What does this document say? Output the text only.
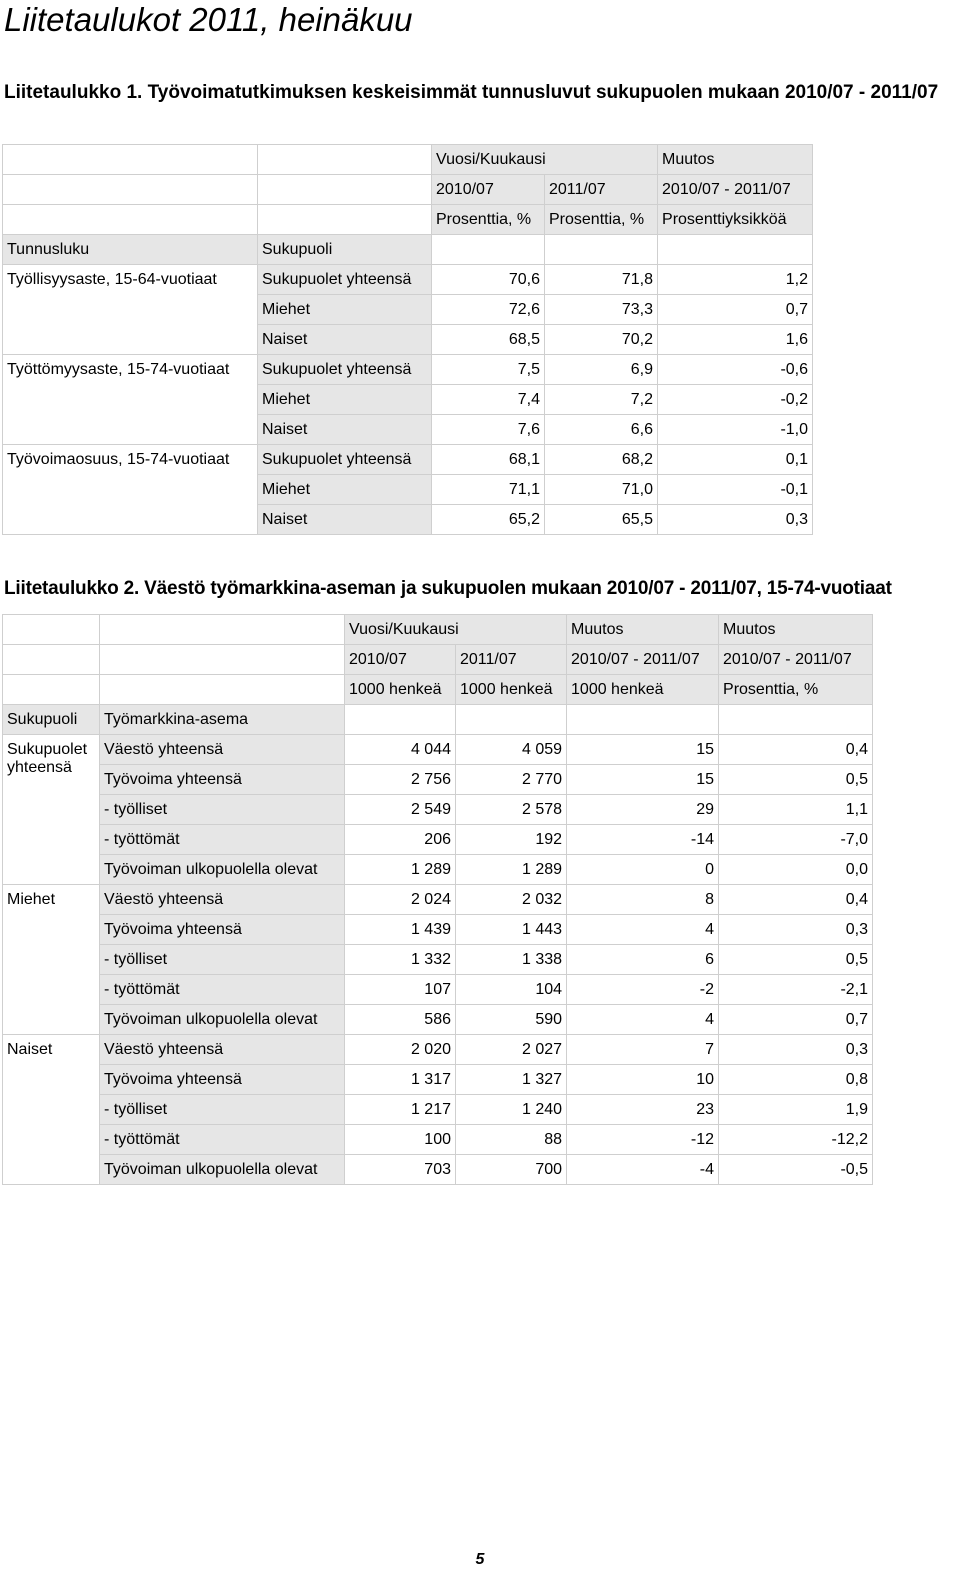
Liitetaulukot 2011, heinäkuu
Liitetaulukko 1. Työvoimatutkimuksen keskeisimmät tunnusluvut sukupuolen mukaan 2010/07 - 2011/07
		Vuosi/Kuukausi		Muutos
		2010/07	2011/07	2010/07 - 2011/07
		Prosenttia, %	Prosenttia, %	Prosenttiyksikköä
Tunnusluku	Sukupuoli			
Työllisyysaste, 15-64-vuotiaat	Sukupuolet yhteensä	70,6	71,8	1,2
	Miehet	72,6	73,3	0,7
	Naiset	68,5	70,2	1,6
Työttömyysaste, 15-74-vuotiaat	Sukupuolet yhteensä	7,5	6,9	-0,6
	Miehet	7,4	7,2	-0,2
	Naiset	7,6	6,6	-1,0
Työvoimaosuus, 15-74-vuotiaat	Sukupuolet yhteensä	68,1	68,2	0,1
	Miehet	71,1	71,0	-0,1
	Naiset	65,2	65,5	0,3
Liitetaulukko 2. Väestö työmarkkina-aseman ja sukupuolen mukaan 2010/07 - 2011/07, 15-74-vuotiaat
		Vuosi/Kuukausi		Muutos	Muutos
		2010/07	2011/07	2010/07 - 2011/07	2010/07 - 2011/07
		1000 henkeä	1000 henkeä	1000 henkeä	Prosenttia, %
Sukupuoli	Työmarkkina-asema				
Sukupuolet yhteensä	Väestö yhteensä	4 044	4 059	15	0,4
	Työvoima yhteensä	2 756	2 770	15	0,5
	- työlliset	2 549	2 578	29	1,1
	- työttömät	206	192	-14	-7,0
	Työvoiman ulkopuolella olevat	1 289	1 289	0	0,0
Miehet	Väestö yhteensä	2 024	2 032	8	0,4
	Työvoima yhteensä	1 439	1 443	4	0,3
	- työlliset	1 332	1 338	6	0,5
	- työttömät	107	104	-2	-2,1
	Työvoiman ulkopuolella olevat	586	590	4	0,7
Naiset	Väestö yhteensä	2 020	2 027	7	0,3
	Työvoima yhteensä	1 317	1 327	10	0,8
	- työlliset	1 217	1 240	23	1,9
	- työttömät	100	88	-12	-12,2
	Työvoiman ulkopuolella olevat	703	700	-4	-0,5
5
